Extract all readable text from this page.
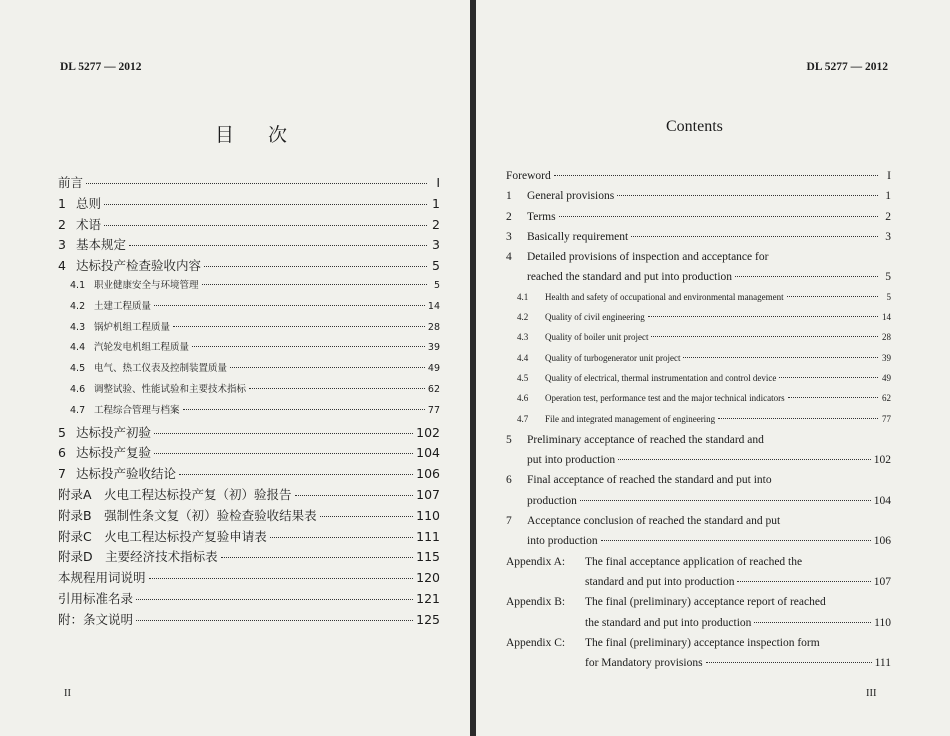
DL 5277 — 2012
目次
前言	I
1 总则	1
2 术语	2
3 基本规定	3
4 达标投产检查验收内容	5
4.1 职业健康安全与环境管理	5
4.2 土建工程质量	14
4.3 锅炉机组工程质量	28
4.4 汽轮发电机组工程质量	39
4.5 电气、热工仪表及控制装置质量	49
4.6 调整试验、性能试验和主要技术指标	62
4.7 工程综合管理与档案	77
5 达标投产初验	102
6 达标投产复验	104
7 达标投产验收结论	106
附录A　火电工程达标投产复（初）验报告	107
附录B　强制性条文复（初）验检查验收结果表	110
附录C　火电工程达标投产复验申请表	111
附录D　主要经济技术指标表	115
本规程用词说明	120
引用标准名录	121
附：条文说明	125
II
DL 5277 — 2012
Contents
Foreword	I
1	General provisions	1
2	Terms	2
3	Basically requirement	3
4	Detailed provisions of inspection and acceptance for
reached the standard and put into production	5
4.1	Health and safety of occupational and environmental management	5
4.2	Quality of civil engineering	14
4.3	Quality of boiler unit project	28
4.4	Quality of turbogenerator unit project	39
4.5	Quality of electrical, thermal instrumentation and control device	49
4.6	Operation test, performance test and the major technical indicators	62
4.7	File and integrated management of engineering	77
5	Preliminary acceptance of reached the standard and
put into production	102
6	Final acceptance of reached the standard and put into
production	104
7	Acceptance conclusion of reached the standard and put
into production	106
Appendix A:	The final acceptance application of reached the
standard and put into production	107
Appendix B:	The final (preliminary) acceptance report of reached
the standard and put into production	110
Appendix C:	The final (preliminary) acceptance inspection form
for Mandatory provisions	111
III
